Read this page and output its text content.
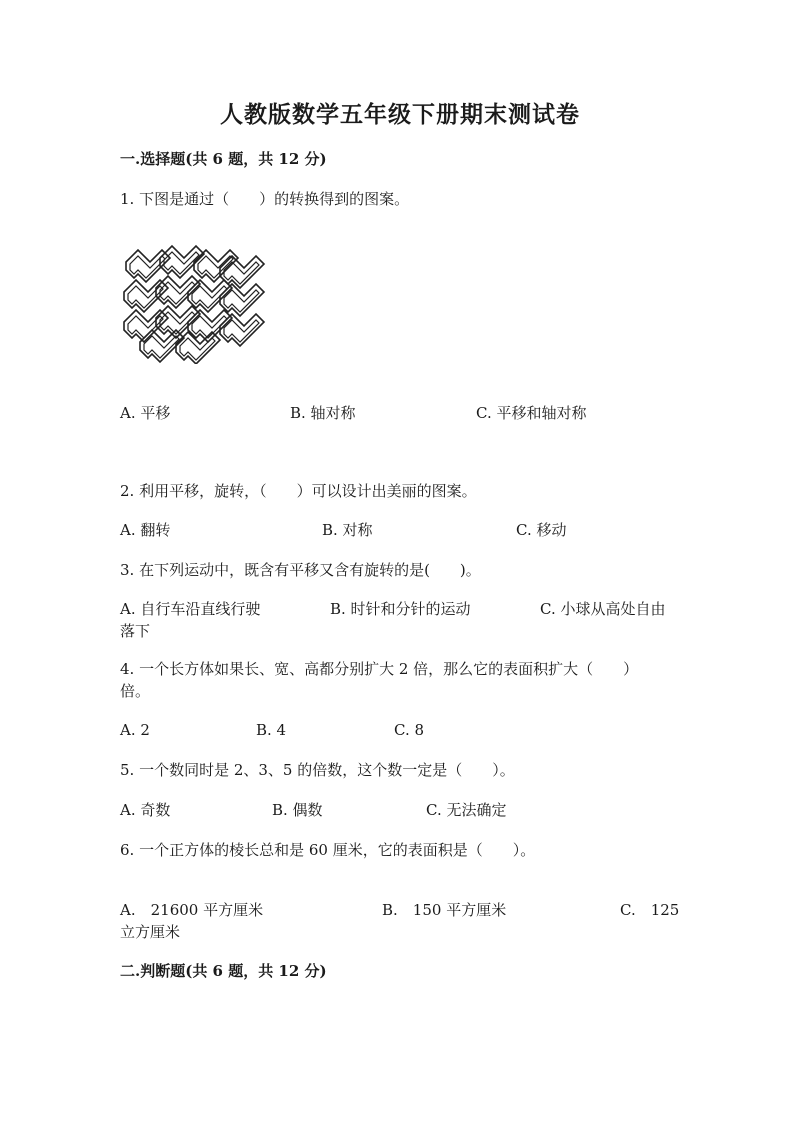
人教版数学五年级下册期末测试卷
一.选择题(共 6 题，共 12 分)
1. 下图是通过（　　）的转换得到的图案。
A. 平移	B. 轴对称	C. 平移和轴对称
2. 利用平移，旋转，（　　）可以设计出美丽的图案。
A. 翻转	B. 对称	C. 移动
3. 在下列运动中，既含有平移又含有旋转的是(　　)。
A. 自行车沿直线行驶	B. 时针和分针的运动	C. 小球从高处自由
落下
4. 一个长方体如果长、宽、高都分别扩大 2 倍，那么它的表面积扩大（　　）
倍。
A. 2	B. 4	C. 8
5. 一个数同时是 2、3、5 的倍数，这个数一定是（　　）。
A. 奇数	B. 偶数	C. 无法确定
6. 一个正方体的棱长总和是 60 厘米，它的表面积是（　　）。
A.　21600 平方厘米	B.　150 平方厘米	C.　125
立方厘米
二.判断题(共 6 题，共 12 分)
